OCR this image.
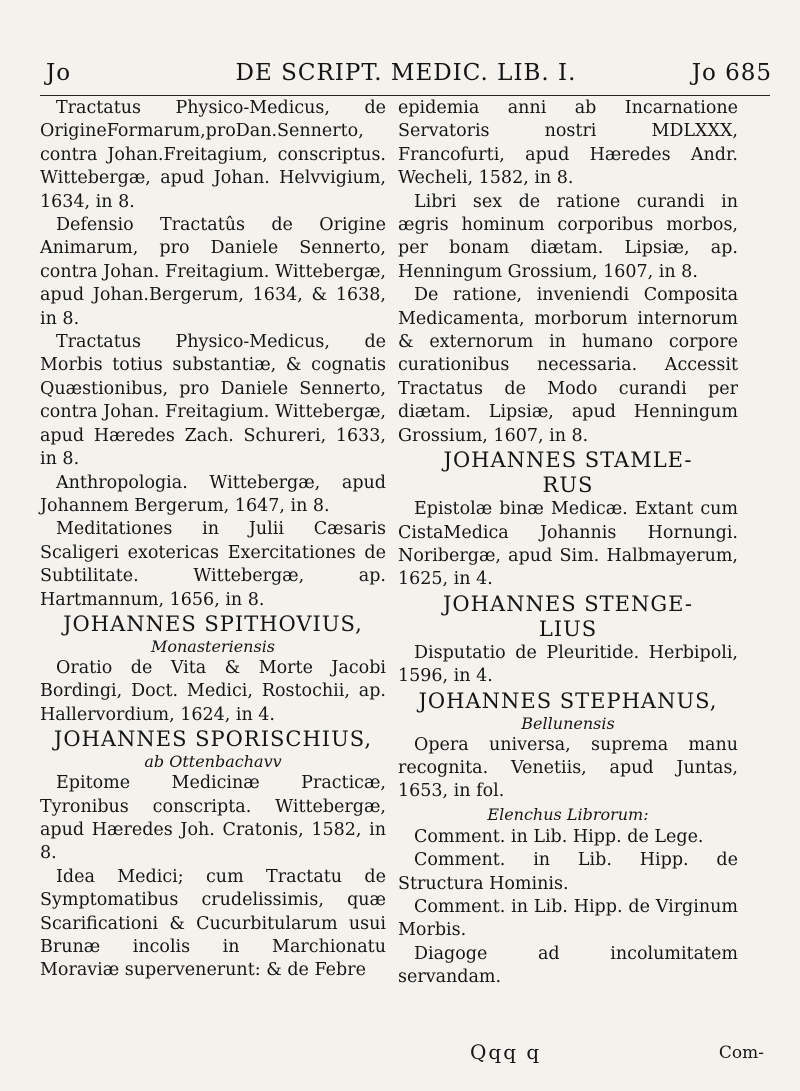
Jo	DE SCRIPT. MEDIC. LIB. I.	Jo 685

Tractatus Physico-Medicus, de OrigineFormarum,proDan.Sennerto, contra Johan.Freitagium, conscriptus. Wittebergæ, apud Johan. Helvvigium, 1634, in 8.

Defensio Tractatûs de Origine Animarum, pro Daniele Sennerto, contra Johan. Freitagium. Wittebergæ, apud Johan.Bergerum, 1634, & 1638, in 8.

Tractatus Physico-Medicus, de Morbis totius substantiæ, & cognatis Quæstionibus, pro Daniele Sennerto, contra Johan. Freitagium. Wittebergæ, apud Hæredes Zach. Schureri, 1633, in 8.

Anthropologia. Wittebergæ, apud Johannem Bergerum, 1647, in 8.

Meditationes in Julii Cæsaris Scaligeri exotericas Exercitationes de Subtilitate. Wittebergæ, ap. Hartmannum, 1656, in 8.

JOHANNES SPITHOVIUS,

Monasteriensis

Oratio de Vita & Morte Jacobi Bordingi, Doct. Medici, Rostochii, ap. Hallervordium, 1624, in 4.

JOHANNES SPORISCHIUS,

ab Ottenbachavv

Epitome Medicinæ Practicæ, Tyronibus conscripta. Wittebergæ, apud Hæredes Joh. Cratonis, 1582, in 8.

Idea Medici; cum Tractatu de Symptomatibus crudelissimis, quæ Scarificationi & Cucurbitularum usui Brunæ incolis in Marchionatu Moraviæ supervenerunt: & de Febre

epidemia anni ab Incarnatione Servatoris nostri MDLXXX, Francofurti, apud Hæredes Andr. Wecheli, 1582, in 8.

Libri sex de ratione curandi in ægris hominum corporibus morbos, per bonam diætam. Lipsiæ, ap. Henningum Grossium, 1607, in 8.

De ratione, inveniendi Composita Medicamenta, morborum internorum & externorum in humano corpore curationibus necessaria. Accessit Tractatus de Modo curandi per diætam. Lipsiæ, apud Henningum Grossium, 1607, in 8.

JOHANNES STAMLE-

RUS

Epistolæ binæ Medicæ. Extant cum CistaMedica Johannis Hornungi. Noribergæ, apud Sim. Halbmayerum, 1625, in 4.

JOHANNES STENGE-

LIUS

Disputatio de Pleuritide. Herbipoli, 1596, in 4.

JOHANNES STEPHANUS,

Bellunensis

Opera universa, suprema manu recognita. Venetiis, apud Juntas, 1653, in fol.

Elenchus Librorum:

Comment. in Lib. Hipp. de Lege.

Comment. in Lib. Hipp. de Structura Hominis.

Comment. in Lib. Hipp. de Virginum Morbis.

Diagoge ad incolumitatem servandam.

Qqq q	Com-
